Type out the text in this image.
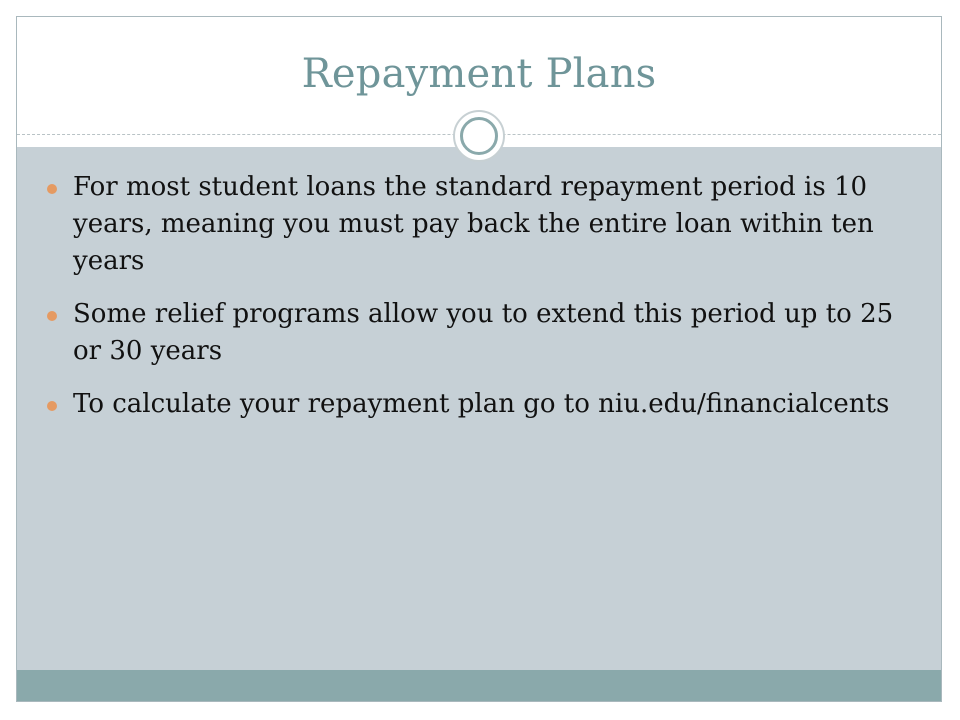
Repayment Plans
For most student loans the standard repayment period is 10 years, meaning you must pay back the entire loan within ten years
Some relief programs allow you to extend this period up to 25 or 30 years
To calculate your repayment plan go to niu.edu/financialcents
